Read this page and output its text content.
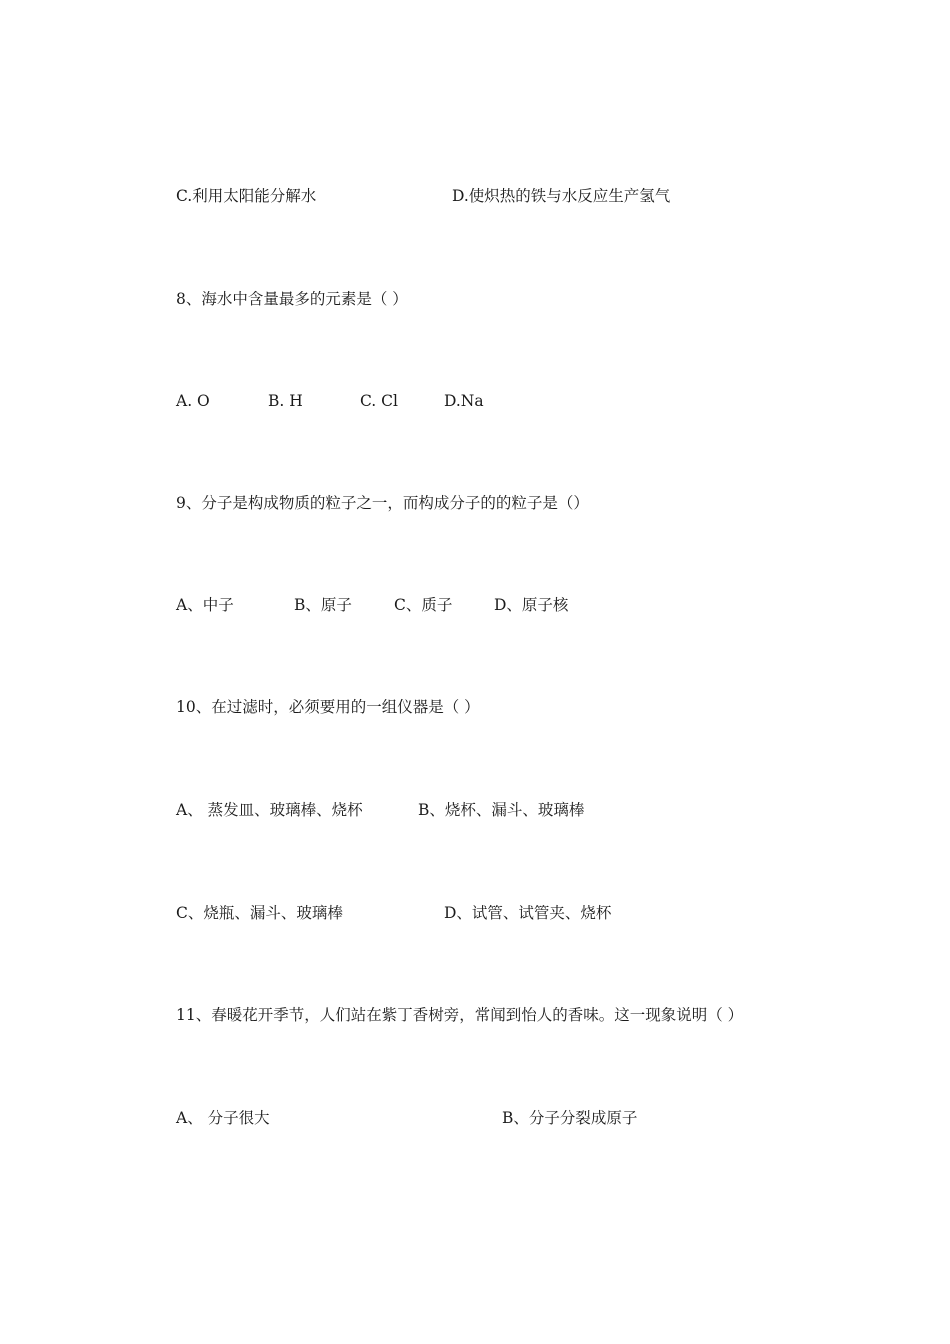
C.利用太阳能分解水	D.使炽热的铁与水反应生产氢气
8、海水中含量最多的元素是（ ）
A. O	B. H	C. Cl	D.Na
9、分子是构成物质的粒子之一，而构成分子的的粒子是（）
A、中子	B、原子	C、质子	D、原子核
10、在过滤时，必须要用的一组仪器是（ ）
A、 蒸发皿、玻璃棒、烧杯	B、烧杯、漏斗、玻璃棒
C、烧瓶、漏斗、玻璃棒	D、试管、试管夹、烧杯
11、春暖花开季节，人们站在紫丁香树旁，常闻到怡人的香味。这一现象说明（ ）
A、 分子很大	B、分子分裂成原子
